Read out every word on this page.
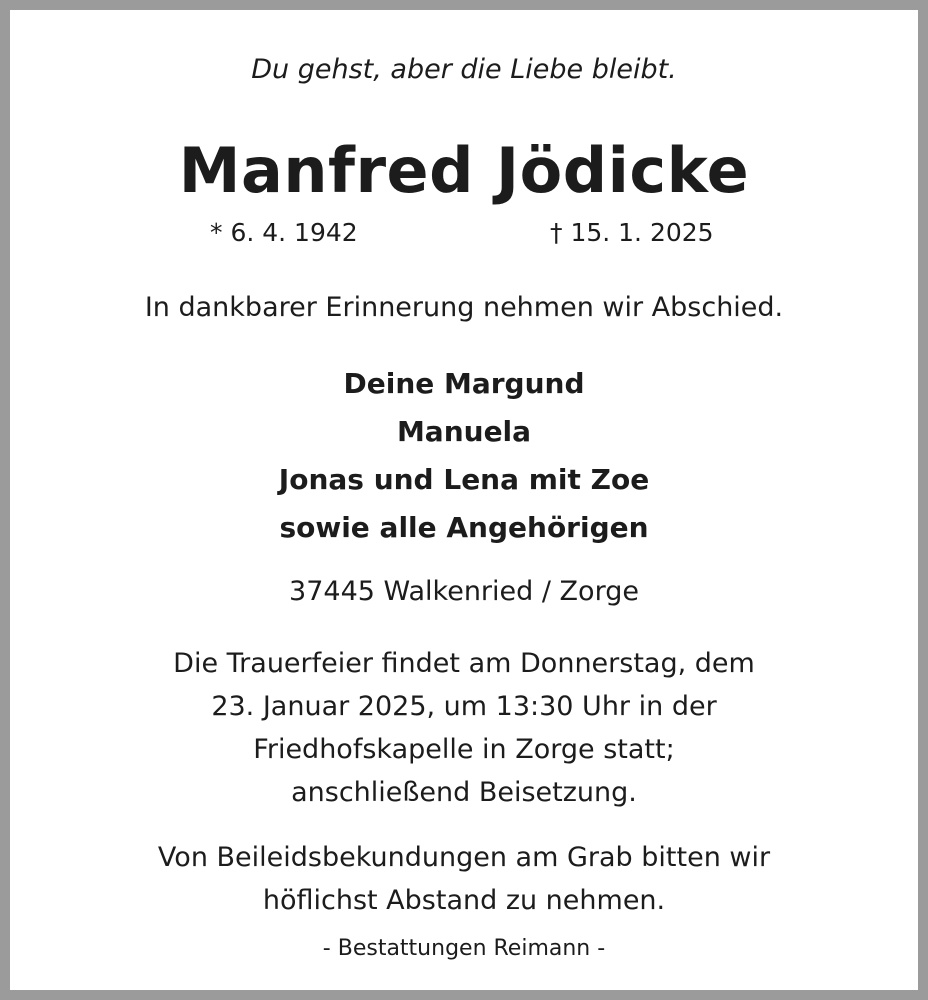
Du gehst, aber die Liebe bleibt.
Manfred Jödicke
* 6. 4. 1942	† 15. 1. 2025
In dankbarer Erinnerung nehmen wir Abschied.
Deine Margund
Manuela
Jonas und Lena mit Zoe
sowie alle Angehörigen
37445 Walkenried / Zorge
Die Trauerfeier findet am Donnerstag, dem
23. Januar 2025, um 13:30 Uhr in der
Friedhofskapelle in Zorge statt;
anschließend Beisetzung.
Von Beileidsbekundungen am Grab bitten wir
höflichst Abstand zu nehmen.
- Bestattungen Reimann -
